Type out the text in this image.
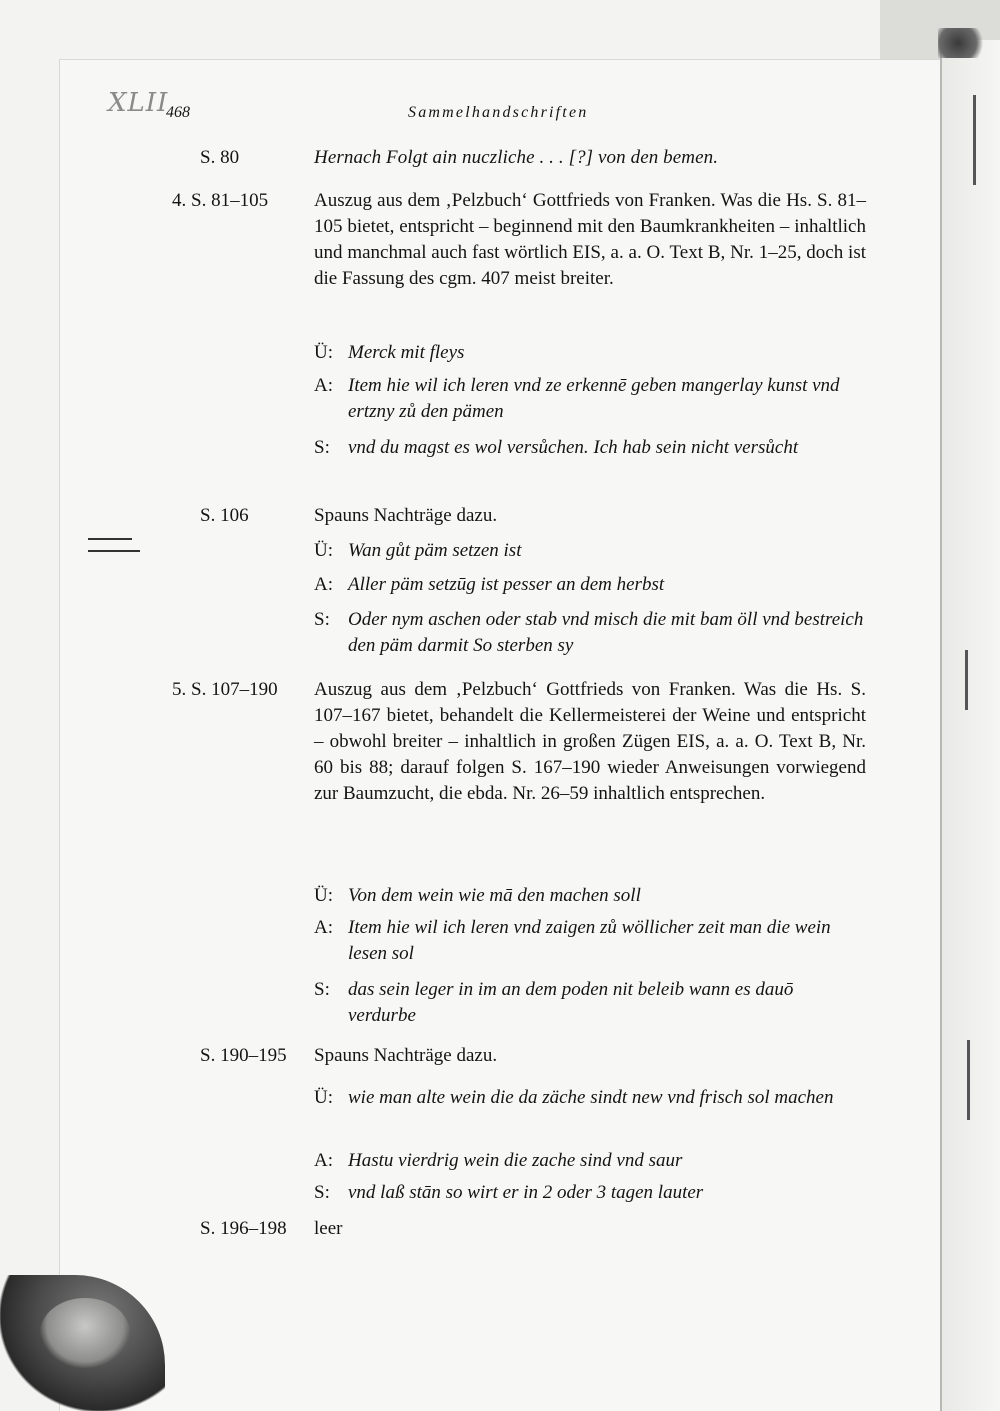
XLII
468	Sammelhandschriften
S. 80	Hernach Folgt ain nuczliche . . . [?] von den bemen.

4. S. 81–105 Auszug aus dem ‚Pelzbuch‘ Gottfrieds von Franken. Was die Hs. S. 81–105 bietet, entspricht – beginnend mit den Baumkrankheiten – inhaltlich und manchmal auch fast wörtlich EIS, a. a. O. Text B, Nr. 1–25, doch ist die Fassung des cgm. 407 meist breiter.

Ü: Merck mit fleys
A: Item hie wil ich leren vnd ze erkennē geben mangerlay kunst vnd ertzny zů den pämen
S: vnd du magst es wol versůchen. Ich hab sein nicht versůcht
S. 106	Spauns Nachträge dazu.

Ü: Wan gůt päm setzen ist
A: Aller päm setzūg ist pesser an dem herbst
S: Oder nym aschen oder stab vnd misch die mit bam öll vnd bestreich den päm darmit So sterben sy
5. S. 107–190 Auszug aus dem ‚Pelzbuch‘ Gottfrieds von Franken. Was die Hs. S. 107–167 bietet, behandelt die Kellermeisterei der Weine und entspricht – obwohl breiter – inhaltlich in großen Zügen EIS, a. a. O. Text B, Nr. 60 bis 88; darauf folgen S. 167–190 wieder Anweisungen vorwiegend zur Baumzucht, die ebda. Nr. 26–59 inhaltlich entsprechen.

Ü: Von dem wein wie mā den machen soll
A: Item hie wil ich leren vnd zaigen zů wöllicher zeit man die wein lesen sol
S: das sein leger in im an dem poden nit beleib wann es dauō verdurbe
S. 190–195 Spauns Nachträge dazu.

Ü: wie man alte wein die da zäche sindt new vnd frisch sol machen
A: Hastu vierdrig wein die zache sind vnd saur
S: vnd laß stān so wirt er in 2 oder 3 tagen lauter
S. 196–198 leer
